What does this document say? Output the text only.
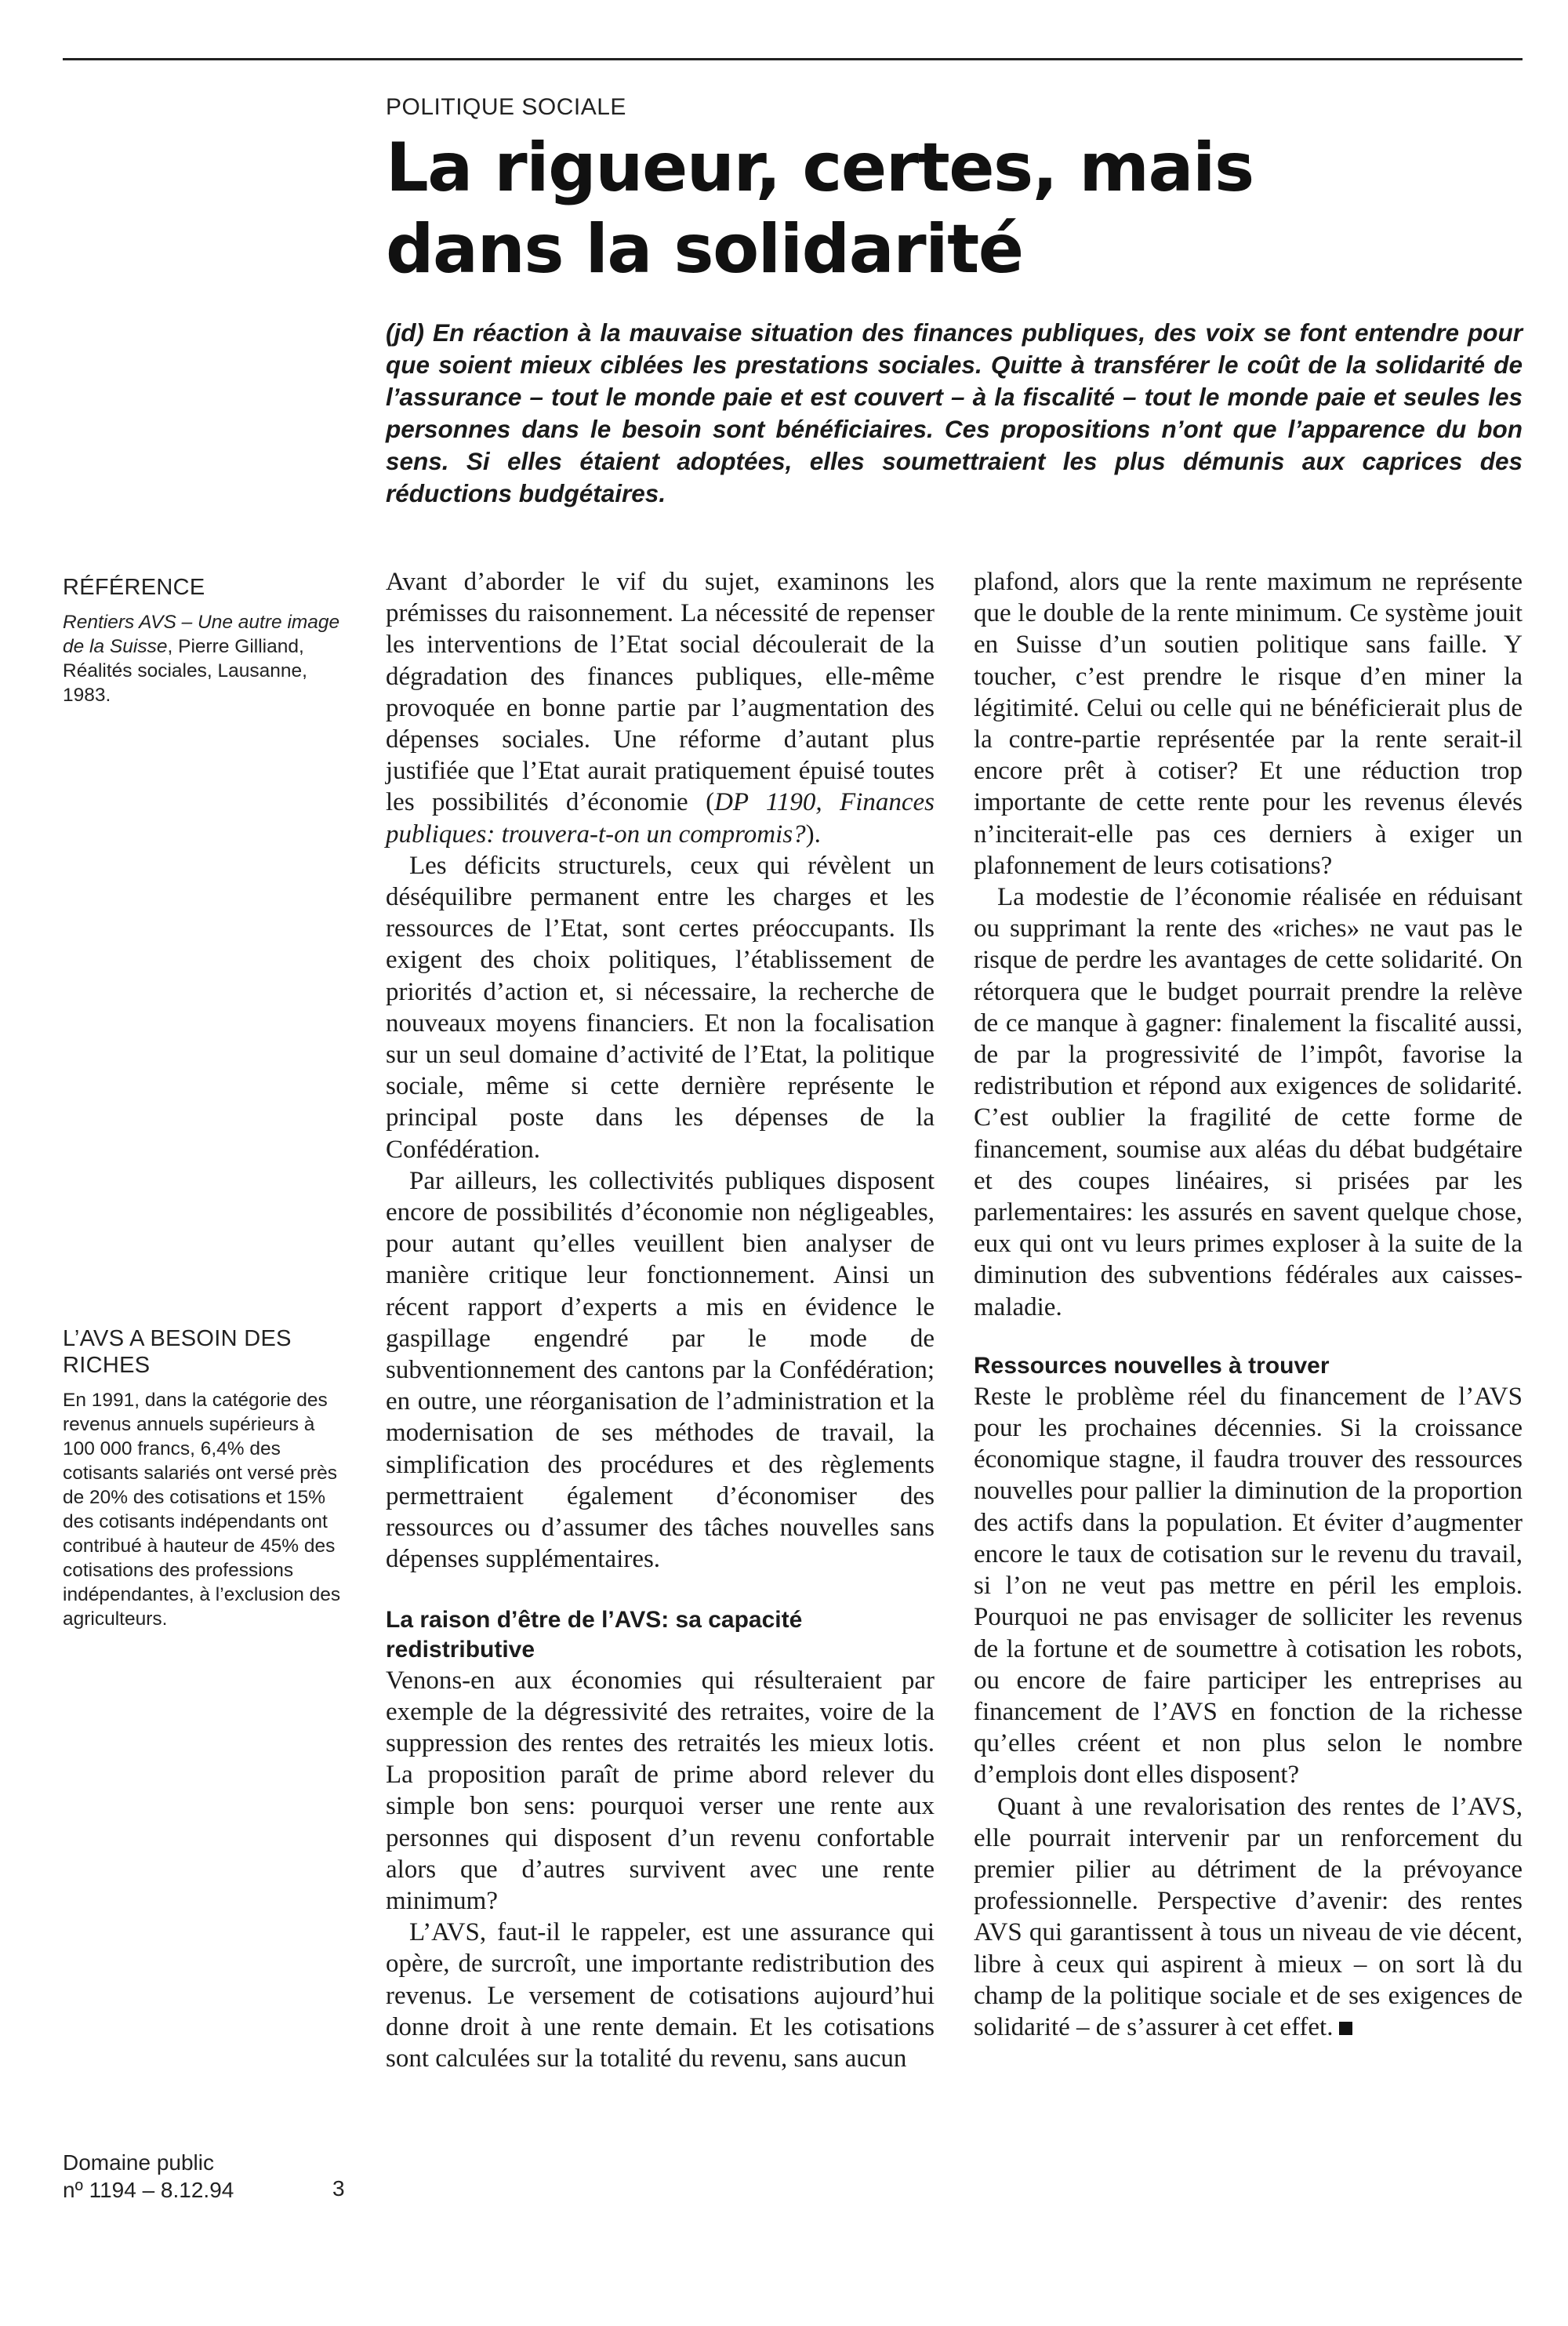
POLITIQUE SOCIALE
La rigueur, certes, mais
dans la solidarité

(jd) En réaction à la mauvaise situation des finances publiques, des voix se font entendre pour que soient mieux ciblées les prestations sociales. Quitte à transférer le coût de la solidarité de l’assurance – tout le monde paie et est couvert – à la fiscalité – tout le monde paie et seules les personnes dans le besoin sont bénéficiaires. Ces propositions n’ont que l’apparence du bon sens. Si elles étaient adoptées, elles soumettraient les plus démunis aux caprices des réductions budgétaires.

RÉFÉRENCE

Rentiers AVS – Une autre image de la Suisse, Pierre Gilliand, Réalités sociales, Lausanne, 1983.

L’AVS A BESOIN DES RICHES

En 1991, dans la catégorie des revenus annuels supérieurs à 100 000 francs, 6,4% des cotisants salariés ont versé près de 20% des cotisations et 15% des cotisants indépendants ont contribué à hauteur de 45% des cotisations des professions indépendantes, à l’exclusion des agriculteurs.

Avant d’aborder le vif du sujet, examinons les prémisses du raisonnement. La nécessité de repenser les interventions de l’Etat social découlerait de la dégradation des finances publiques, elle-même provoquée en bonne partie par l’augmentation des dépenses sociales. Une réforme d’autant plus justifiée que l’Etat aurait pratiquement épuisé toutes les possibilités d’économie (DP 1190, Finances publiques: trouvera-t-on un compromis?).

Les déficits structurels, ceux qui révèlent un déséquilibre permanent entre les charges et les ressources de l’Etat, sont certes préoccupants. Ils exigent des choix politiques, l’établissement de priorités d’action et, si nécessaire, la recherche de nouveaux moyens financiers. Et non la focalisation sur un seul domaine d’activité de l’Etat, la politique sociale, même si cette dernière représente le principal poste dans les dépenses de la Confédération.

Par ailleurs, les collectivités publiques disposent encore de possibilités d’économie non négligeables, pour autant qu’elles veuillent bien analyser de manière critique leur fonctionnement. Ainsi un récent rapport d’experts a mis en évidence le gaspillage engendré par le mode de subventionnement des cantons par la Confédération; en outre, une réorganisation de l’administration et la modernisation de ses méthodes de travail, la simplification des procédures et des règlements permettraient également d’économiser des ressources ou d’assumer des tâches nouvelles sans dépenses supplémentaires.

La raison d’être de l’AVS: sa capacité redistributive

Venons-en aux économies qui résulteraient par exemple de la dégressivité des retraites, voire de la suppression des rentes des retraités les mieux lotis. La proposition paraît de prime abord relever du simple bon sens: pourquoi verser une rente aux personnes qui disposent d’un revenu confortable alors que d’autres survivent avec une rente minimum?

L’AVS, faut-il le rappeler, est une assurance qui opère, de surcroît, une importante redistribution des revenus. Le versement de cotisations aujourd’hui donne droit à une rente demain. Et les cotisations sont calculées sur la totalité du revenu, sans aucun

plafond, alors que la rente maximum ne représente que le double de la rente minimum. Ce système jouit en Suisse d’un soutien politique sans faille. Y toucher, c’est prendre le risque d’en miner la légitimité. Celui ou celle qui ne bénéficierait plus de la contre-partie représentée par la rente serait-il encore prêt à cotiser? Et une réduction trop importante de cette rente pour les revenus élevés n’inciterait-elle pas ces derniers à exiger un plafonnement de leurs cotisations?

La modestie de l’économie réalisée en réduisant ou supprimant la rente des «riches» ne vaut pas le risque de perdre les avantages de cette solidarité. On rétorquera que le budget pourrait prendre la relève de ce manque à gagner: finalement la fiscalité aussi, de par la progressivité de l’impôt, favorise la redistribution et répond aux exigences de solidarité. C’est oublier la fragilité de cette forme de financement, soumise aux aléas du débat budgétaire et des coupes linéaires, si prisées par les parlementaires: les assurés en savent quelque chose, eux qui ont vu leurs primes exploser à la suite de la diminution des subventions fédérales aux caisses-maladie.

Ressources nouvelles à trouver

Reste le problème réel du financement de l’AVS pour les prochaines décennies. Si la croissance économique stagne, il faudra trouver des ressources nouvelles pour pallier la diminution de la proportion des actifs dans la population. Et éviter d’augmenter encore le taux de cotisation sur le revenu du travail, si l’on ne veut pas mettre en péril les emplois. Pourquoi ne pas envisager de solliciter les revenus de la fortune et de soumettre à cotisation les robots, ou encore de faire participer les entreprises au financement de l’AVS en fonction de la richesse qu’elles créent et non plus selon le nombre d’emplois dont elles disposent?

Quant à une revalorisation des rentes de l’AVS, elle pourrait intervenir par un renforcement du premier pilier au détriment de la prévoyance professionnelle. Perspective d’avenir: des rentes AVS qui garantissent à tous un niveau de vie décent, libre à ceux qui aspirent à mieux – on sort là du champ de la politique sociale et de ses exigences de solidarité – de s’assurer à cet effet.

Domaine public
nº 1194 – 8.12.94	3
